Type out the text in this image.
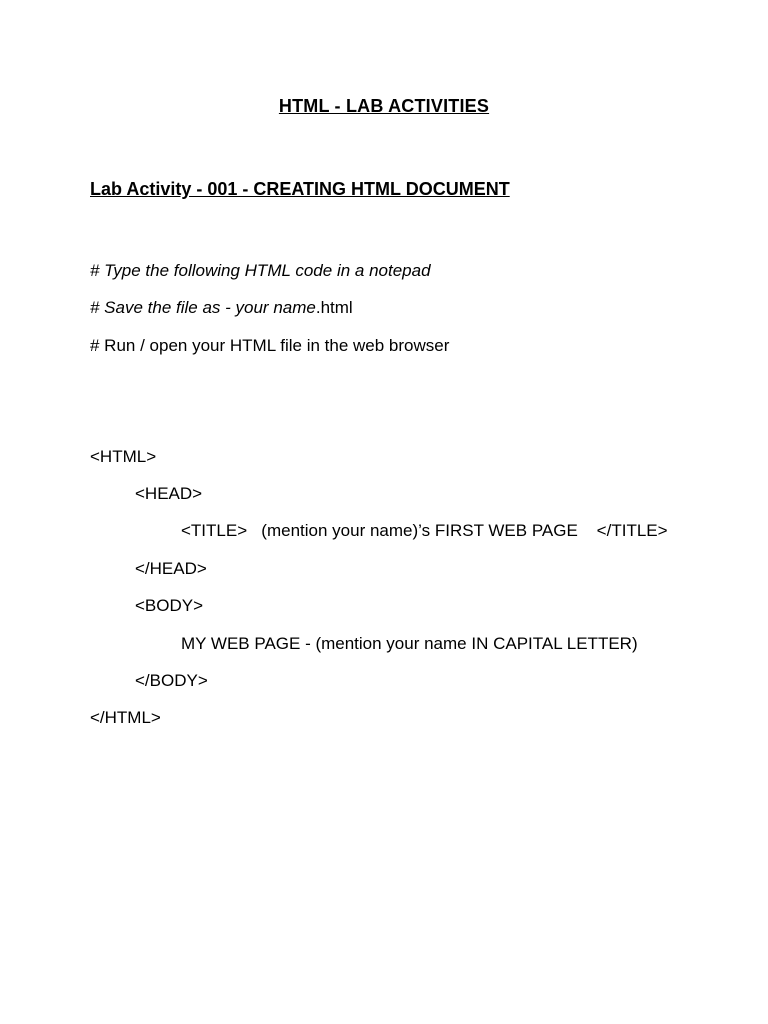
HTML - LAB ACTIVITIES
Lab Activity - 001 - CREATING HTML DOCUMENT
# Type the following HTML code in a notepad
# Save the file as - your name.html
# Run / open your HTML file in the web browser
<HTML>
<HEAD>
<TITLE>   (mention your name)’s FIRST WEB PAGE    </TITLE>
</HEAD>
<BODY>
MY WEB PAGE - (mention your name IN CAPITAL LETTER)
</BODY>
</HTML>
